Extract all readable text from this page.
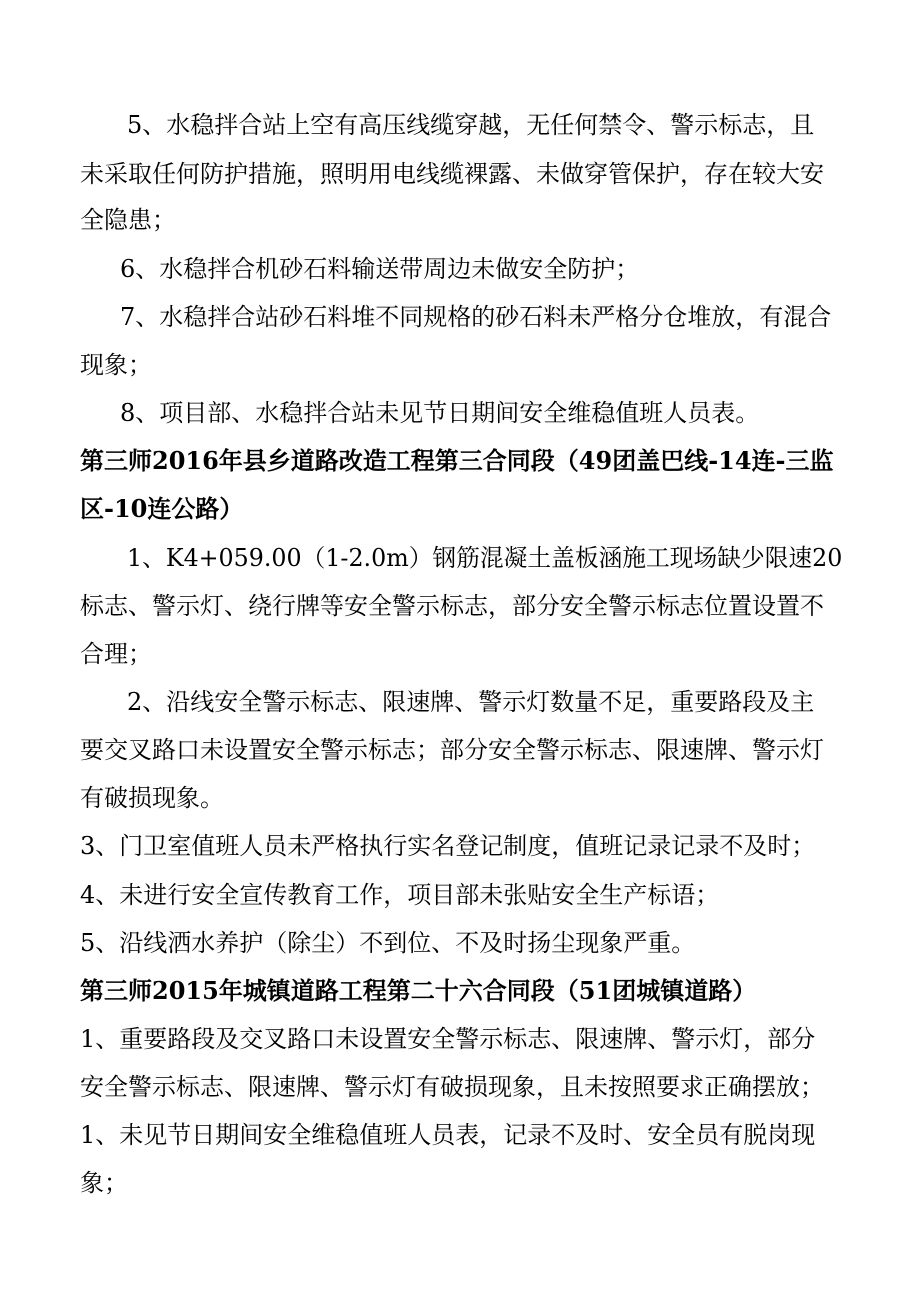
5、水稳拌合站上空有高压线缆穿越，无任何禁令、警示标志，且

未采取任何防护措施，照明用电线缆裸露、未做穿管保护，存在较大安

全隐患；

6、水稳拌合机砂石料输送带周边未做安全防护；

7、水稳拌合站砂石料堆不同规格的砂石料未严格分仓堆放，有混合

现象；

8、项目部、水稳拌合站未见节日期间安全维稳值班人员表。

第三师2016年县乡道路改造工程第三合同段（49团盖巴线-14连-三监

区-10连公路）

1、K4+059.00（1-2.0m）钢筋混凝土盖板涵施工现场缺少限速20

标志、警示灯、绕行牌等安全警示标志，部分安全警示标志位置设置不

合理；

2、沿线安全警示标志、限速牌、警示灯数量不足，重要路段及主

要交叉路口未设置安全警示标志；部分安全警示标志、限速牌、警示灯

有破损现象。

3、门卫室值班人员未严格执行实名登记制度，值班记录记录不及时；

4、未进行安全宣传教育工作，项目部未张贴安全生产标语；

5、沿线洒水养护（除尘）不到位、不及时扬尘现象严重。

第三师2015年城镇道路工程第二十六合同段（51团城镇道路）

1、重要路段及交叉路口未设置安全警示标志、限速牌、警示灯，部分

安全警示标志、限速牌、警示灯有破损现象，且未按照要求正确摆放；

1、未见节日期间安全维稳值班人员表，记录不及时、安全员有脱岗现

象；
